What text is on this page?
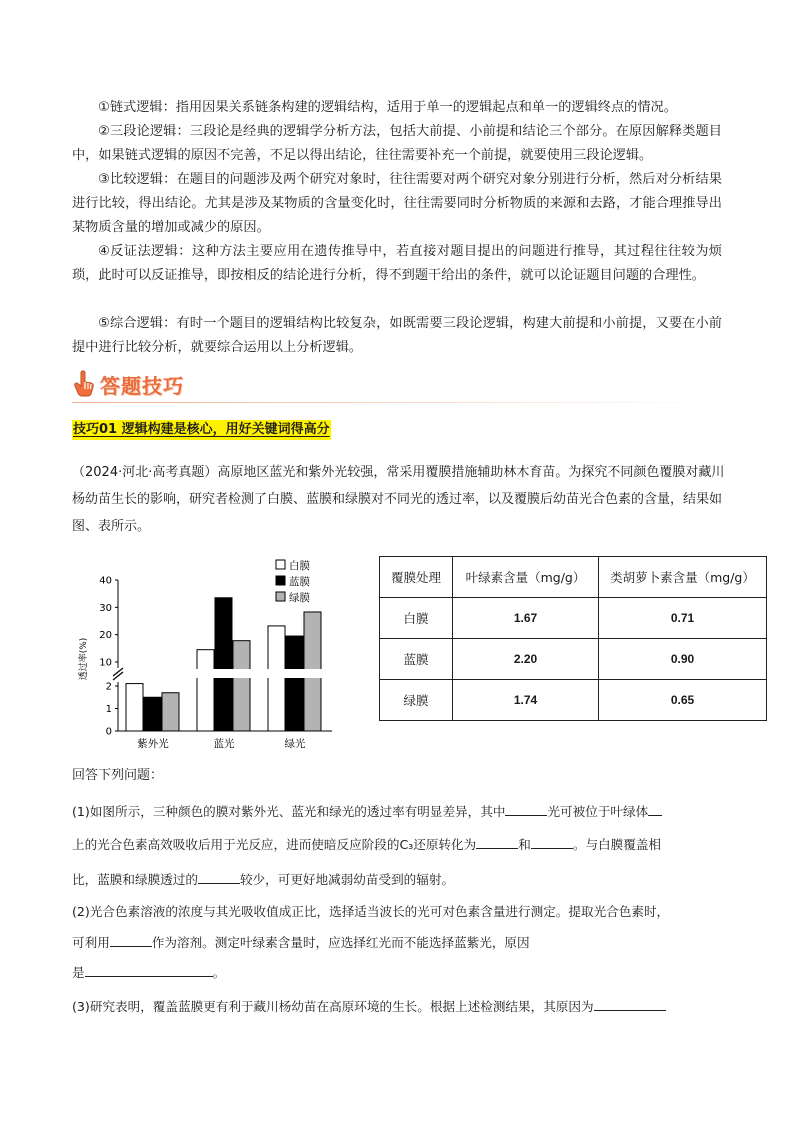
①链式逻辑：指用因果关系链条构建的逻辑结构，适用于单一的逻辑起点和单一的逻辑终点的情况。

②三段论逻辑：三段论是经典的逻辑学分析方法，包括大前提、小前提和结论三个部分。在原因解释类题目中，如果链式逻辑的原因不完善，不足以得出结论，往往需要补充一个前提，就要使用三段论逻辑。

③比较逻辑：在题目的问题涉及两个研究对象时，往往需要对两个研究对象分别进行分析，然后对分析结果进行比较，得出结论。尤其是涉及某物质的含量变化时，往往需要同时分析物质的来源和去路，才能合理推导出某物质含量的增加或减少的原因。

④反证法逻辑：这种方法主要应用在遗传推导中，若直接对题目提出的问题进行推导，其过程往往较为烦琐，此时可以反证推导，即按相反的结论进行分析，得不到题干给出的条件，就可以论证题目问题的合理性。

⑤综合逻辑：有时一个题目的逻辑结构比较复杂，如既需要三段论逻辑，构建大前提和小前提，又要在小前提中进行比较分析，就要综合运用以上分析逻辑。

答题技巧
技巧01 逻辑构建是核心，用好关键词得高分

（2024·河北·高考真题）高原地区蓝光和紫外光较强，常采用覆膜措施辅助林木育苗。为探究不同颜色覆膜对藏川杨幼苗生长的影响，研究者检测了白膜、蓝膜和绿膜对不同光的透过率，以及覆膜后幼苗光合色素的含量，结果如图、表所示。

0
1
2
10
20
30
40
透过率(%)
紫外光	蓝光	绿光
白膜
蓝膜
绿膜
覆膜处理	叶绿素含量（mg/g）	类胡萝卜素含量（mg/g）
白膜	1.67	0.71
蓝膜	2.20	0.90
绿膜	1.74	0.65
回答下列问题：
(1)如图所示，三种颜色的膜对紫外光、蓝光和绿光的透过率有明显差异，其中	光可被位于叶绿体
上的光合色素高效吸收后用于光反应，进而使暗反应阶段的C₃还原转化为	和	。与白膜覆盖相
比，蓝膜和绿膜透过的	较少，可更好地减弱幼苗受到的辐射。
(2)光合色素溶液的浓度与其光吸收值成正比，选择适当波长的光可对色素含量进行测定。提取光合色素时，
可利用	作为溶剂。测定叶绿素含量时，应选择红光而不能选择蓝紫光，原因
是	。
(3)研究表明，覆盖蓝膜更有利于藏川杨幼苗在高原环境的生长。根据上述检测结果，其原因为
